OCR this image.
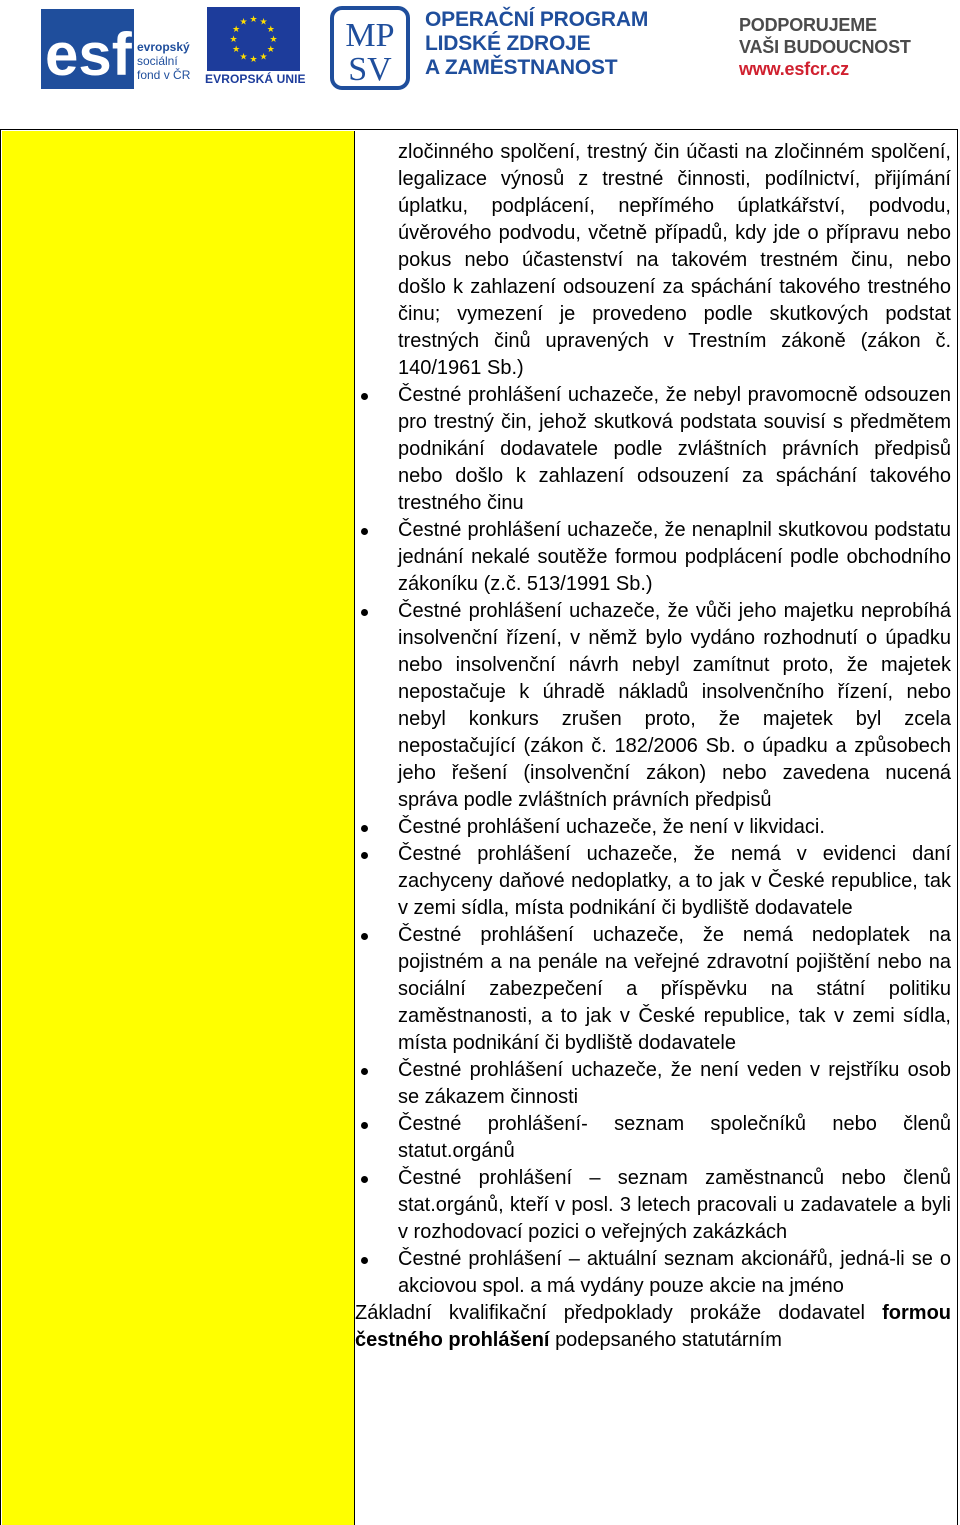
esf evropský
sociální
fond v ČR
★ ★
★
★
★
★
★
★
★
★
★
★
EVROPSKÁ UNIE
MP
SV
OPERAČNÍ PROGRAM
LIDSKÉ ZDROJE
A ZAMĚSTNANOST
PODPORUJEME
VAŠI BUDOUCNOST
www.esfcr.cz

zločinného spolčení, trestný čin účasti na zločinném spolčení, legalizace výnosů z trestné činnosti, podílnictví, přijímání úplatku, podplácení, nepřímého úplatkářství, podvodu, úvěrového podvodu, včetně případů, kdy jde o přípravu nebo pokus nebo účastenství na takovém trestném činu, nebo došlo k zahlazení odsouzení za spáchání takového trestného činu; vymezení je provedeno podle skutkových podstat trestných činů upravených v Trestním zákoně (zákon č. 140/1961 Sb.)

Čestné prohlášení uchazeče, že nebyl pravomocně odsouzen pro trestný čin, jehož skutková podstata souvisí s předmětem podnikání dodavatele podle zvláštních právních předpisů nebo došlo k zahlazení odsouzení za spáchání takového trestného činu
Čestné prohlášení uchazeče, že nenaplnil skutkovou podstatu jednání nekalé soutěže formou podplácení podle obchodního zákoníku (z.č. 513/1991 Sb.)
Čestné prohlášení uchazeče, že vůči jeho majetku neprobíhá insolvenční řízení, v němž bylo vydáno rozhodnutí o úpadku nebo insolvenční návrh nebyl zamítnut proto, že majetek nepostačuje k úhradě nákladů insolvenčního řízení, nebo nebyl konkurs zrušen proto, že majetek byl zcela nepostačující (zákon č. 182/2006 Sb. o úpadku a způsobech jeho řešení (insolvenční zákon) nebo zavedena nucená správa podle zvláštních právních předpisů
Čestné prohlášení uchazeče, že není v likvidaci.
Čestné prohlášení uchazeče, že nemá v evidenci daní zachyceny daňové nedoplatky, a to jak v České republice, tak v zemi sídla, místa podnikání či bydliště dodavatele
Čestné prohlášení uchazeče, že nemá nedoplatek na pojistném a na penále na veřejné zdravotní pojištění nebo na sociální zabezpečení a příspěvku na státní politiku zaměstnanosti, a to jak v České republice, tak v zemi sídla, místa podnikání či bydliště dodavatele
Čestné prohlášení uchazeče, že není veden v rejstříku osob se zákazem činnosti
Čestné prohlášení- seznam společníků nebo členů statut.orgánů
Čestné prohlášení – seznam zaměstnanců nebo členů stat.orgánů, kteří v posl. 3 letech pracovali u zadavatele a byli v rozhodovací pozici o veřejných zakázkách
Čestné prohlášení – aktuální seznam akcionářů, jedná-li se o akciovou spol. a má vydány pouze akcie na jméno
Základní kvalifikační předpoklady prokáže dodavatel formou čestného prohlášení podepsaného statutárním
